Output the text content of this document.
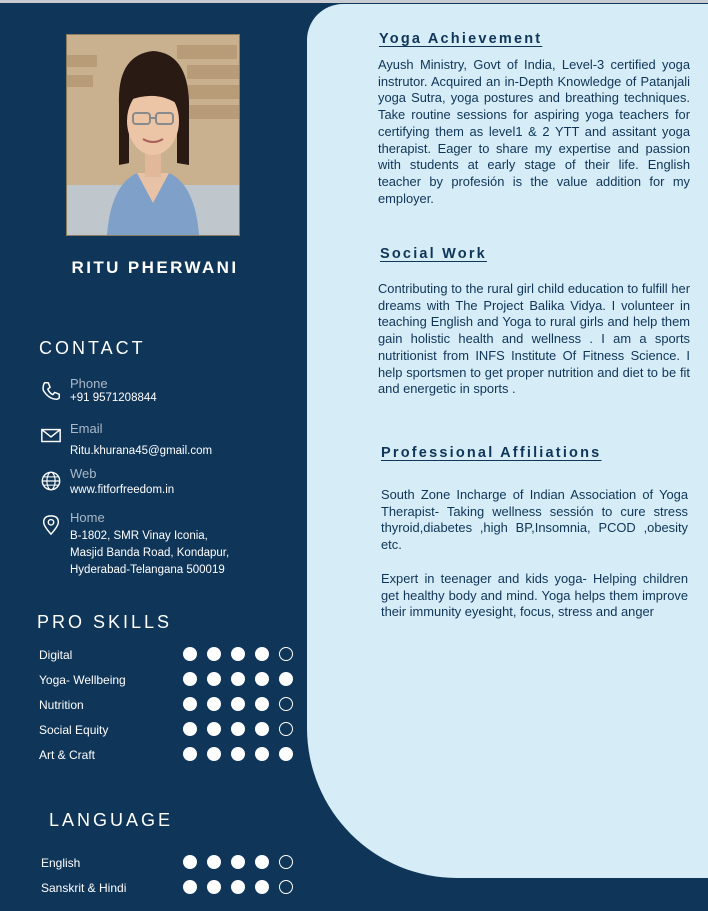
RITU PHERWANI
CONTACT
Phone
+91 9571208844
Email
Ritu.khurana45@gmail.com
Web
www.fitforfreedom.in
Home
B-1802, SMR Vinay Iconia,
Masjid Banda Road, Kondapur,
Hyderabad-Telangana 500019
PRO SKILLS
Digital
Yoga- Wellbeing
Nutrition
Social Equity
Art & Craft
LANGUAGE
English
Sanskrit & Hindi
Yoga Achievement

Ayush Ministry, Govt of India, Level-3 certified yoga instrutor. Acquired an in-Depth Knowledge of Patanjali yoga Sutra, yoga postures and breathing techniques. Take routine sessions for aspiring yoga teachers for certifying them as level1 & 2 YTT and assitant yoga therapist. Eager to share my expertise and passion with students at early stage of their life. English teacher by profesión is the value addition for my employer.

Social Work

Contributing to the rural girl child education to fulfill her dreams with The Project Balika Vidya. I volunteer in teaching English and Yoga to rural girls and help them gain holistic health and wellness . I am a sports nutritionist from INFS Institute Of Fitness Science. I help sportsmen to get proper nutrition and diet to be fit and energetic in sports .

Professional Affiliations

South Zone Incharge of Indian Association of Yoga Therapist- Taking wellness sessión to cure stress thyroid,diabetes ,high BP,Insomnia, PCOD ,obesity etc.

Expert in teenager and kids yoga- Helping children get healthy body and mind. Yoga helps them improve their immunity eyesight, focus, stress and anger
